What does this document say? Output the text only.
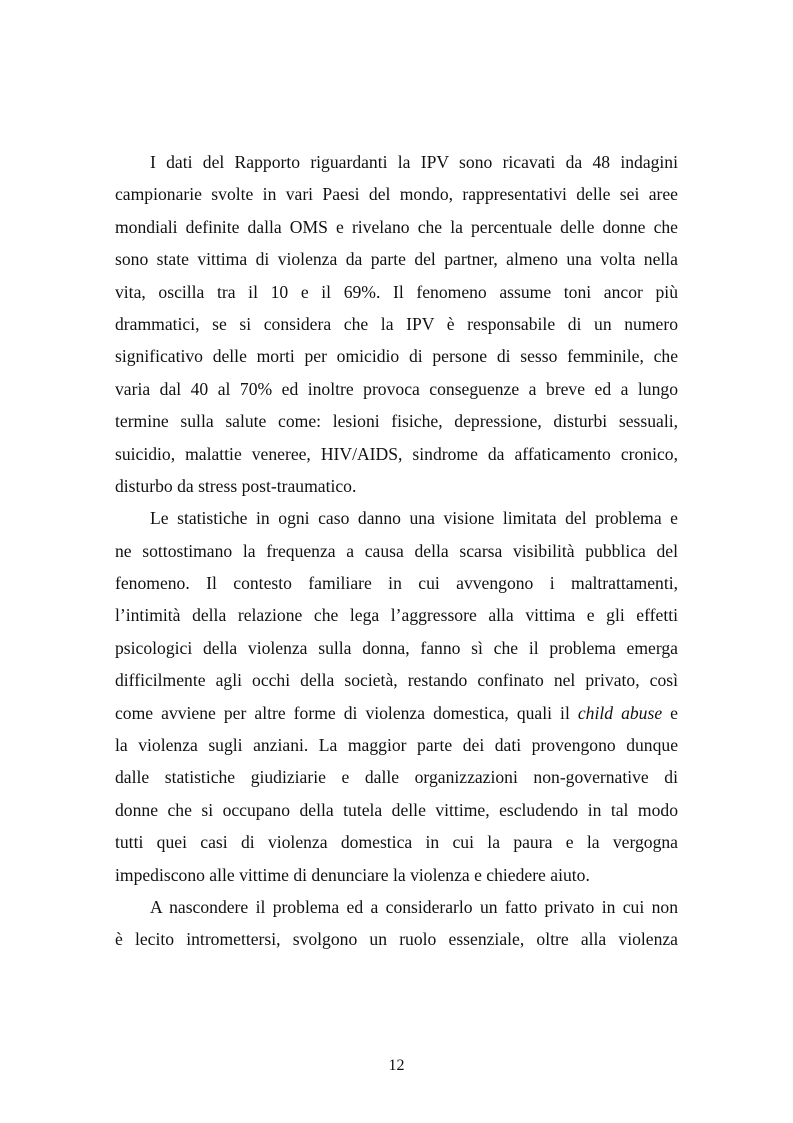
I dati del Rapporto riguardanti la IPV sono ricavati da 48 indagini
campionarie svolte in vari Paesi del mondo, rappresentativi delle sei aree
mondiali definite dalla OMS e rivelano che la percentuale delle donne che
sono state vittima di violenza da parte del partner, almeno una volta nella
vita, oscilla tra il 10 e il 69%. Il fenomeno assume toni ancor più
drammatici, se si considera che la IPV è responsabile di un numero
significativo delle morti per omicidio di persone di sesso femminile, che
varia dal 40 al 70% ed inoltre provoca conseguenze a breve ed a lungo
termine sulla salute come: lesioni fisiche, depressione, disturbi sessuali,
suicidio, malattie veneree, HIV/AIDS, sindrome da affaticamento cronico,
disturbo da stress post-traumatico.
Le statistiche in ogni caso danno una visione limitata del problema e
ne sottostimano la frequenza a causa della scarsa visibilità pubblica del
fenomeno. Il contesto familiare in cui avvengono i maltrattamenti,
l’intimità della relazione che lega l’aggressore alla vittima e gli effetti
psicologici della violenza sulla donna, fanno sì che il problema emerga
difficilmente agli occhi della società, restando confinato nel privato, così
come avviene per altre forme di violenza domestica, quali il child abuse e
la violenza sugli anziani. La maggior parte dei dati provengono dunque
dalle statistiche giudiziarie e dalle organizzazioni non-governative di
donne che si occupano della tutela delle vittime, escludendo in tal modo
tutti quei casi di violenza domestica in cui la paura e la vergogna
impediscono alle vittime di denunciare la violenza e chiedere aiuto.
A nascondere il problema ed a considerarlo un fatto privato in cui non
è lecito intromettersi, svolgono un ruolo essenziale, oltre alla violenza
12
